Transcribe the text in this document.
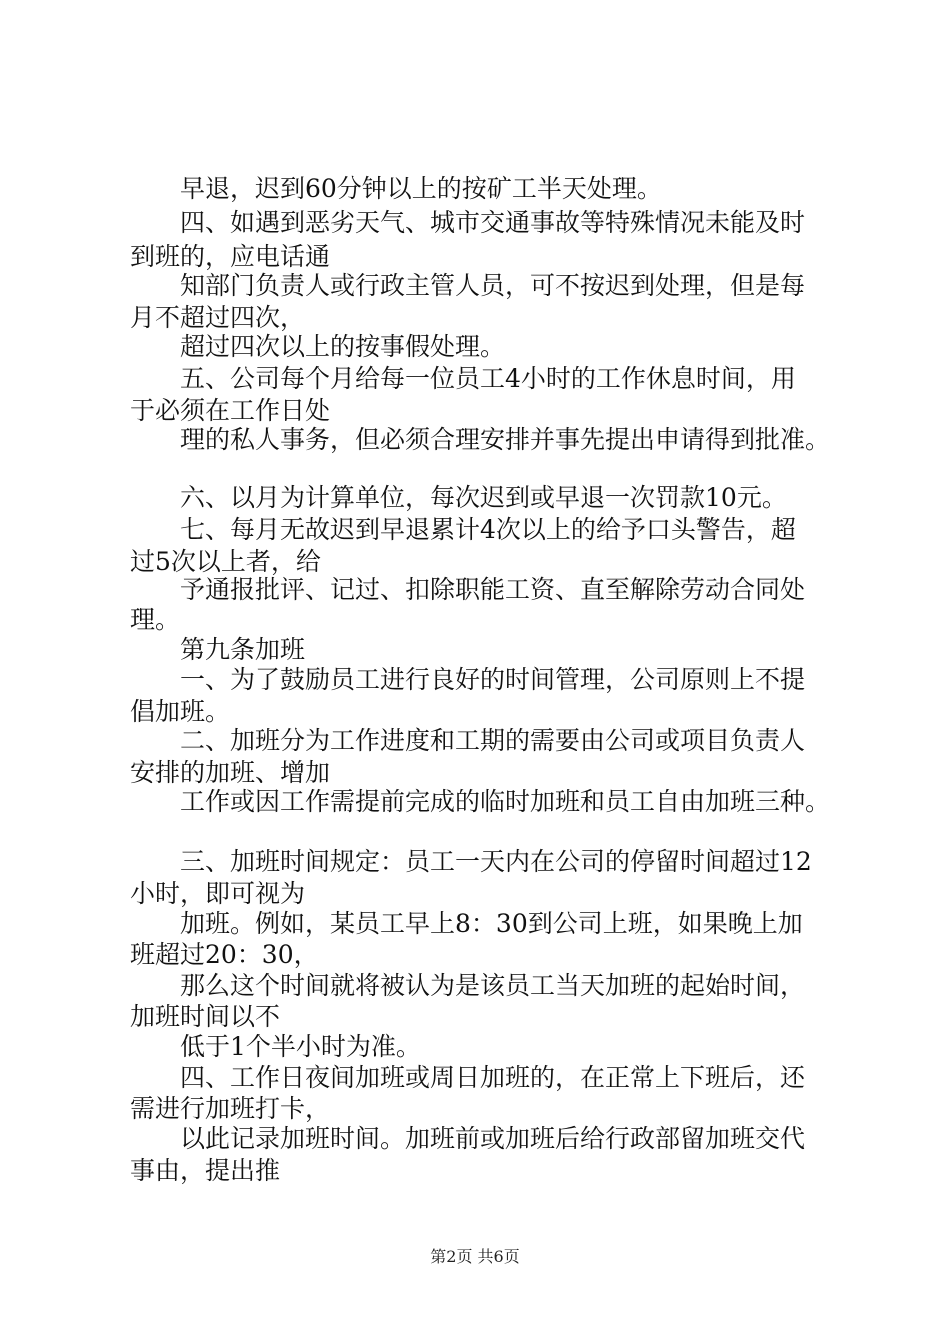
早退，迟到60分钟以上的按矿工半天处理。
四、如遇到恶劣天气、城市交通事故等特殊情况未能及时
到班的，应电话通
知部门负责人或行政主管人员，可不按迟到处理，但是每
月不超过四次，
超过四次以上的按事假处理。
五、公司每个月给每一位员工4小时的工作休息时间，用
于必须在工作日处
理的私人事务，但必须合理安排并事先提出申请得到批准。
六、以月为计算单位，每次迟到或早退一次罚款10元。
七、每月无故迟到早退累计4次以上的给予口头警告，超
过5次以上者，给
予通报批评、记过、扣除职能工资、直至解除劳动合同处
理。
第九条加班
一、为了鼓励员工进行良好的时间管理，公司原则上不提
倡加班。
二、加班分为工作进度和工期的需要由公司或项目负责人
安排的加班、增加
工作或因工作需提前完成的临时加班和员工自由加班三种。
三、加班时间规定：员工一天内在公司的停留时间超过12
小时，即可视为
加班。例如，某员工早上8：30到公司上班，如果晚上加
班超过20：30，
那么这个时间就将被认为是该员工当天加班的起始时间，
加班时间以不
低于1个半小时为准。
四、工作日夜间加班或周日加班的，在正常上下班后，还
需进行加班打卡，
以此记录加班时间。加班前或加班后给行政部留加班交代
事由，提出推
第2页 共6页
